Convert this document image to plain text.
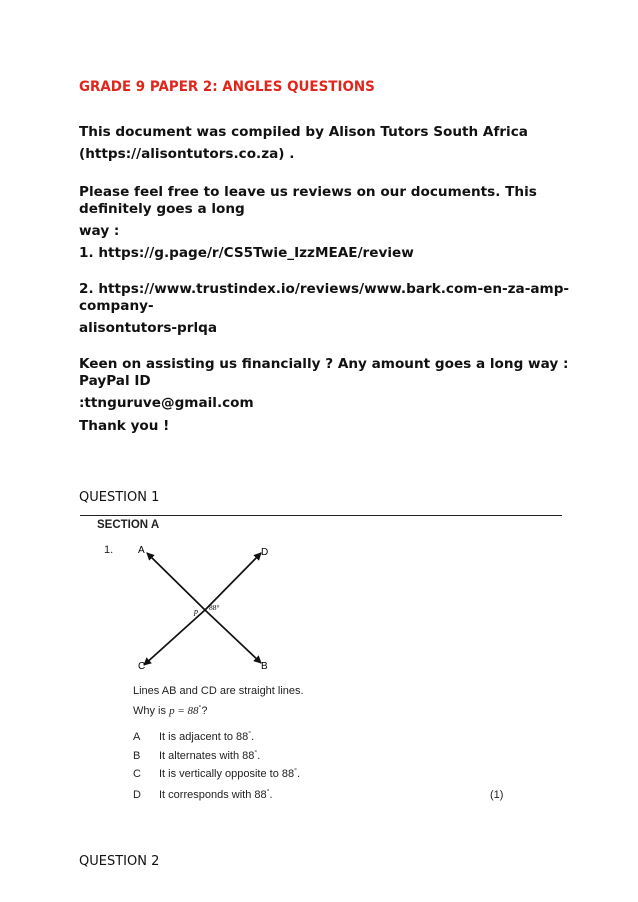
GRADE 9 PAPER 2: ANGLES QUESTIONS

This document was compiled by Alison Tutors South Africa

(https://alisontutors.co.za) .

Please feel free to leave us reviews on our documents. This

definitely goes a long

way :

1. https://g.page/r/CS5Twie_IzzMEAE/review

2. https://www.trustindex.io/reviews/www.bark.com-en-za-amp-

company-

alisontutors-prlqa

Keen on assisting us financially ? Any amount goes a long way :

PayPal ID

:ttnguruve@gmail.com

Thank you !

QUESTION 1
SECTION A
1. A	D
C	B
p 88°
Lines AB and CD are straight lines.
Why is p = 88°?
A It is adjacent to 88°.
B It alternates with 88°.
C It is vertically opposite to 88°.
D It corresponds with 88°.	(1)
QUESTION 2
